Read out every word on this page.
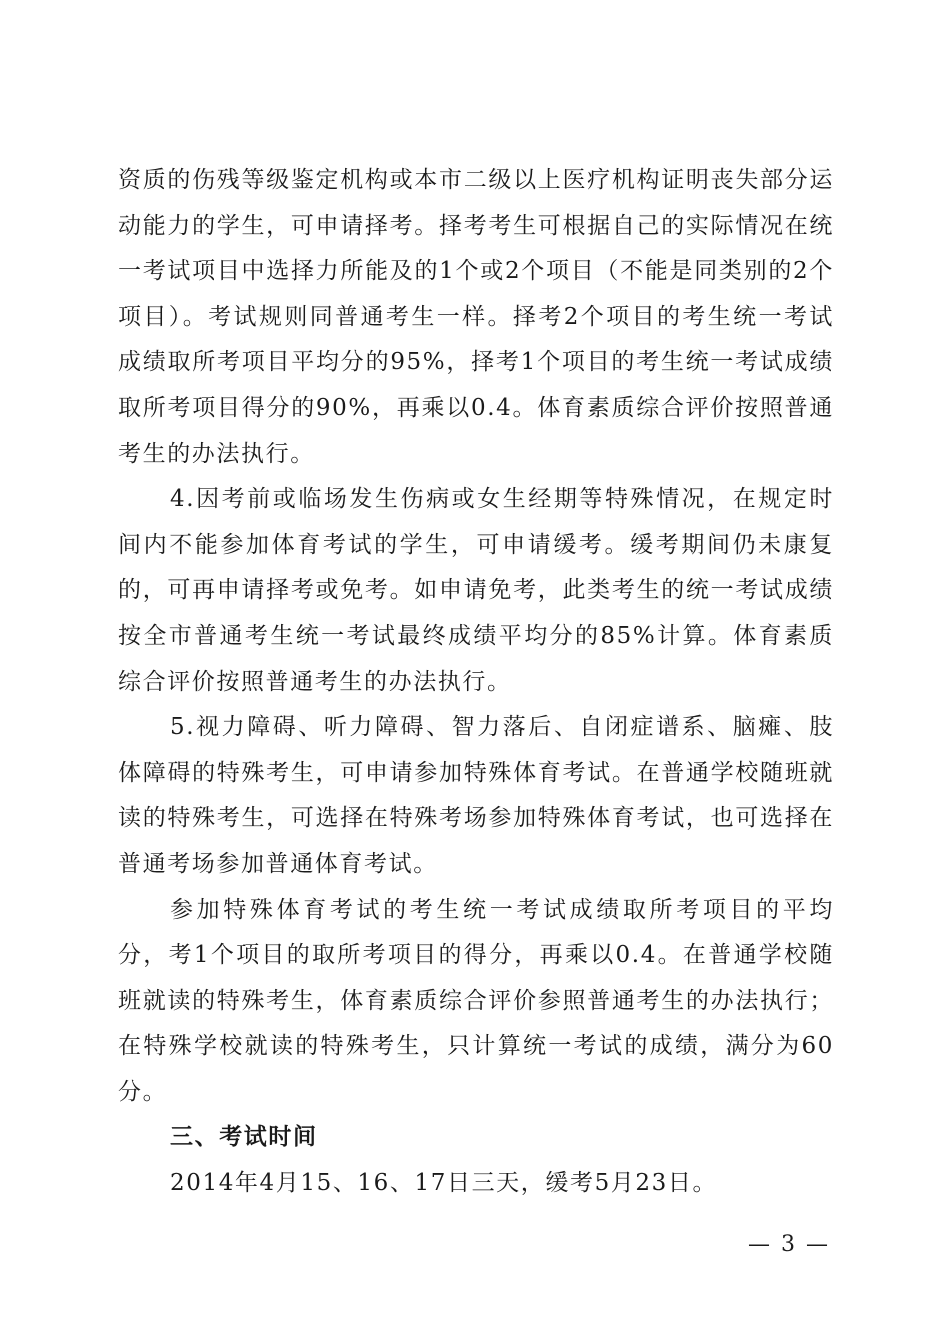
资质的伤残等级鉴定机构或本市二级以上医疗机构证明丧失部分运动能力的学生，可申请择考。择考考生可根据自己的实际情况在统一考试项目中选择力所能及的1个或2个项目（不能是同类别的2个项目）。考试规则同普通考生一样。择考2个项目的考生统一考试成绩取所考项目平均分的95%，择考1个项目的考生统一考试成绩取所考项目得分的90%，再乘以0.4。体育素质综合评价按照普通考生的办法执行。

4.因考前或临场发生伤病或女生经期等特殊情况，在规定时间内不能参加体育考试的学生，可申请缓考。缓考期间仍未康复的，可再申请择考或免考。如申请免考，此类考生的统一考试成绩按全市普通考生统一考试最终成绩平均分的85%计算。体育素质综合评价按照普通考生的办法执行。

5.视力障碍、听力障碍、智力落后、自闭症谱系、脑瘫、肢体障碍的特殊考生，可申请参加特殊体育考试。在普通学校随班就读的特殊考生，可选择在特殊考场参加特殊体育考试，也可选择在普通考场参加普通体育考试。

参加特殊体育考试的考生统一考试成绩取所考项目的平均分，考1个项目的取所考项目的得分，再乘以0.4。在普通学校随班就读的特殊考生，体育素质综合评价参照普通考生的办法执行；在特殊学校就读的特殊考生，只计算统一考试的成绩，满分为60分。

三、考试时间

2014年4月15、16、17日三天，缓考5月23日。

— 3 —
